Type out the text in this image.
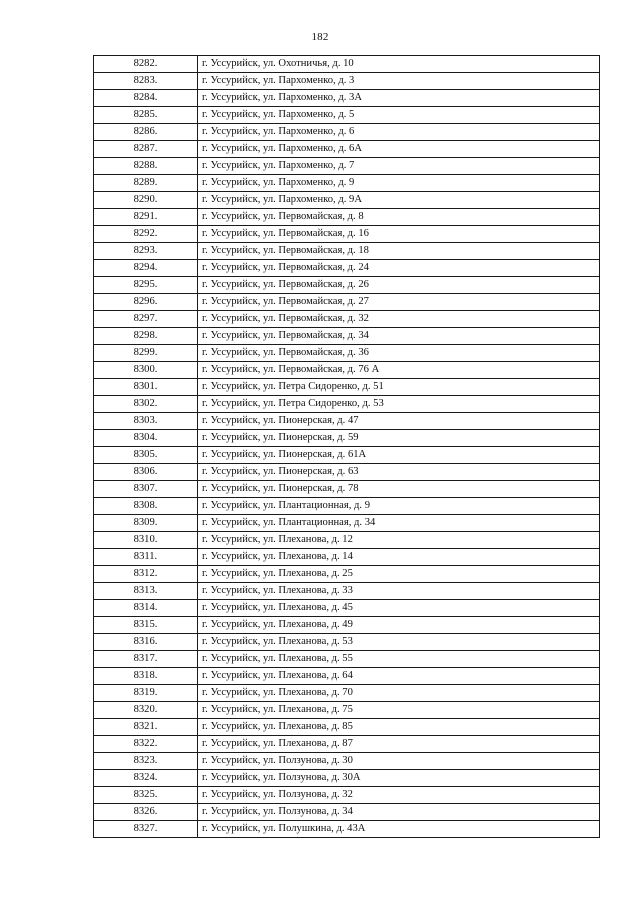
182
8282.	г. Уссурийск, ул. Охотничья, д. 10
8283.	г. Уссурийск, ул. Пархоменко, д. 3
8284.	г. Уссурийск, ул. Пархоменко, д. 3А
8285.	г. Уссурийск, ул. Пархоменко, д. 5
8286.	г. Уссурийск, ул. Пархоменко, д. 6
8287.	г. Уссурийск, ул. Пархоменко, д. 6А
8288.	г. Уссурийск, ул. Пархоменко, д. 7
8289.	г. Уссурийск, ул. Пархоменко, д. 9
8290.	г. Уссурийск, ул. Пархоменко, д. 9А
8291.	г. Уссурийск, ул. Первомайская, д. 8
8292.	г. Уссурийск, ул. Первомайская, д. 16
8293.	г. Уссурийск, ул. Первомайская, д. 18
8294.	г. Уссурийск, ул. Первомайская, д. 24
8295.	г. Уссурийск, ул. Первомайская, д. 26
8296.	г. Уссурийск, ул. Первомайская, д. 27
8297.	г. Уссурийск, ул. Первомайская, д. 32
8298.	г. Уссурийск, ул. Первомайская, д. 34
8299.	г. Уссурийск, ул. Первомайская, д. 36
8300.	г. Уссурийск, ул. Первомайская, д. 76 А
8301.	г. Уссурийск, ул. Петра Сидоренко, д. 51
8302.	г. Уссурийск, ул. Петра Сидоренко, д. 53
8303.	г. Уссурийск, ул. Пионерская, д. 47
8304.	г. Уссурийск, ул. Пионерская, д. 59
8305.	г. Уссурийск, ул. Пионерская, д. 61А
8306.	г. Уссурийск, ул. Пионерская, д. 63
8307.	г. Уссурийск, ул. Пионерская, д. 78
8308.	г. Уссурийск, ул. Плантационная, д. 9
8309.	г. Уссурийск, ул. Плантационная, д. 34
8310.	г. Уссурийск, ул. Плеханова, д. 12
8311.	г. Уссурийск, ул. Плеханова, д. 14
8312.	г. Уссурийск, ул. Плеханова, д. 25
8313.	г. Уссурийск, ул. Плеханова, д. 33
8314.	г. Уссурийск, ул. Плеханова, д. 45
8315.	г. Уссурийск, ул. Плеханова, д. 49
8316.	г. Уссурийск, ул. Плеханова, д. 53
8317.	г. Уссурийск, ул. Плеханова, д. 55
8318.	г. Уссурийск, ул. Плеханова, д. 64
8319.	г. Уссурийск, ул. Плеханова, д. 70
8320.	г. Уссурийск, ул. Плеханова, д. 75
8321.	г. Уссурийск, ул. Плеханова, д. 85
8322.	г. Уссурийск, ул. Плеханова, д. 87
8323.	г. Уссурийск, ул. Ползунова, д. 30
8324.	г. Уссурийск, ул. Ползунова, д. 30А
8325.	г. Уссурийск, ул. Ползунова, д. 32
8326.	г. Уссурийск, ул. Ползунова, д. 34
8327.	г. Уссурийск, ул. Полушкина, д. 43А
